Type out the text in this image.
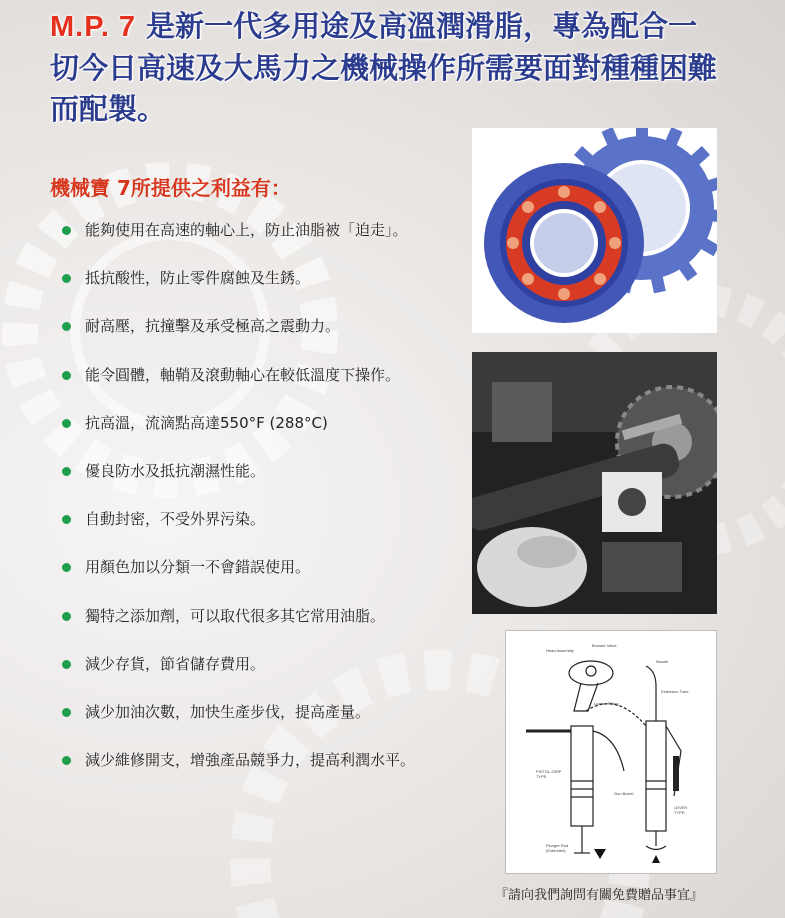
M.P. 7 是新一代多用途及高溫潤滑脂，專為配合一
切今日高速及大馬力之機械操作所需要面對種種困難
而配製。
機械寶 7所提供之利益有：
能夠使用在高速的軸心上，防止油脂被「迫走」。
抵抗酸性，防止零件腐蝕及生銹。
耐高壓，抗撞擊及承受極高之震動力。
能令圓體，軸鞘及滾動軸心在較低溫度下操作。
抗高溫，流滴點高達550°F (288°C)
優良防水及抵抗潮濕性能。
自動封密，不受外界污染。
用顏色加以分類一不會錯誤使用。
獨特之添加劑，可以取代很多其它常用油脂。
減少存貨，節省儲存費用。
減少加油次數，加快生產步伐，提高產量。
減少維修開支，增強產品競爭力，提高利潤水平。
Booster Valve
Head Assembly
Nozzle
Extension Tube
Loader Fitting
PISTOL-GRIP TYPE
Gun Barrel
LEVER TYPE
Plunger Rod (Extended)
『請向我們詢問有關免費贈品事宜』
